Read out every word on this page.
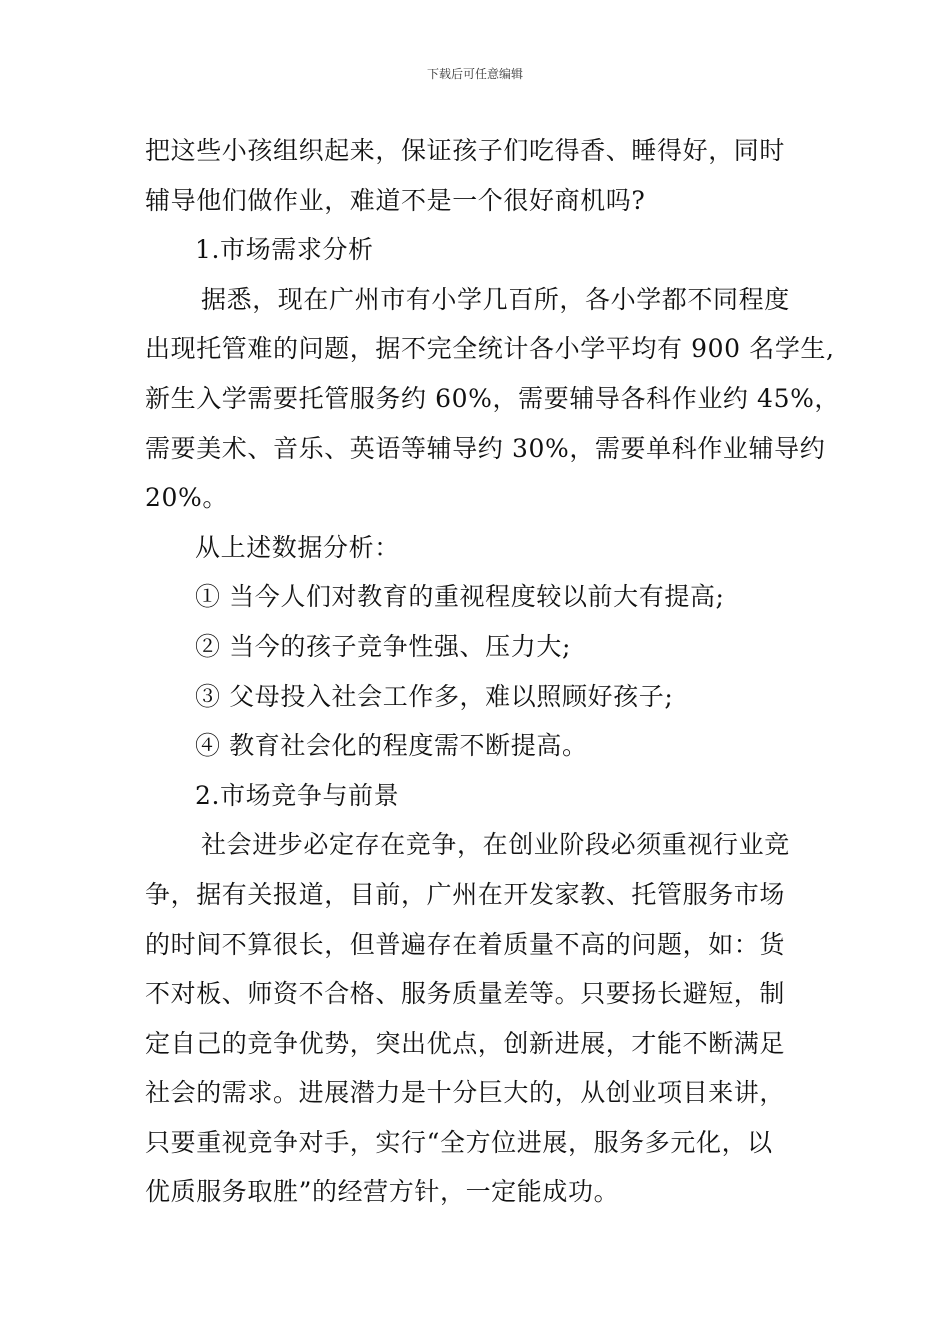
下载后可任意编辑
把这些小孩组织起来，保证孩子们吃得香、睡得好，同时
辅导他们做作业，难道不是一个很好商机吗?
1.市场需求分析
据悉，现在广州市有小学几百所，各小学都不同程度
出现托管难的问题，据不完全统计各小学平均有 900 名学生,
新生入学需要托管服务约 60%，需要辅导各科作业约 45%，
需要美术、音乐、英语等辅导约 30%，需要单科作业辅导约
20%。
从上述数据分析：
① 当今人们对教育的重视程度较以前大有提高;
② 当今的孩子竞争性强、压力大;
③ 父母投入社会工作多，难以照顾好孩子;
④ 教育社会化的程度需不断提高。
2.市场竞争与前景
社会进步必定存在竞争，在创业阶段必须重视行业竞
争，据有关报道，目前，广州在开发家教、托管服务市场
的时间不算很长，但普遍存在着质量不高的问题，如：货
不对板、师资不合格、服务质量差等。只要扬长避短，制
定自己的竞争优势，突出优点，创新进展，才能不断满足
社会的需求。进展潜力是十分巨大的，从创业项目来讲，
只要重视竞争对手，实行“全方位进展，服务多元化，以
优质服务取胜”的经营方针，一定能成功。
